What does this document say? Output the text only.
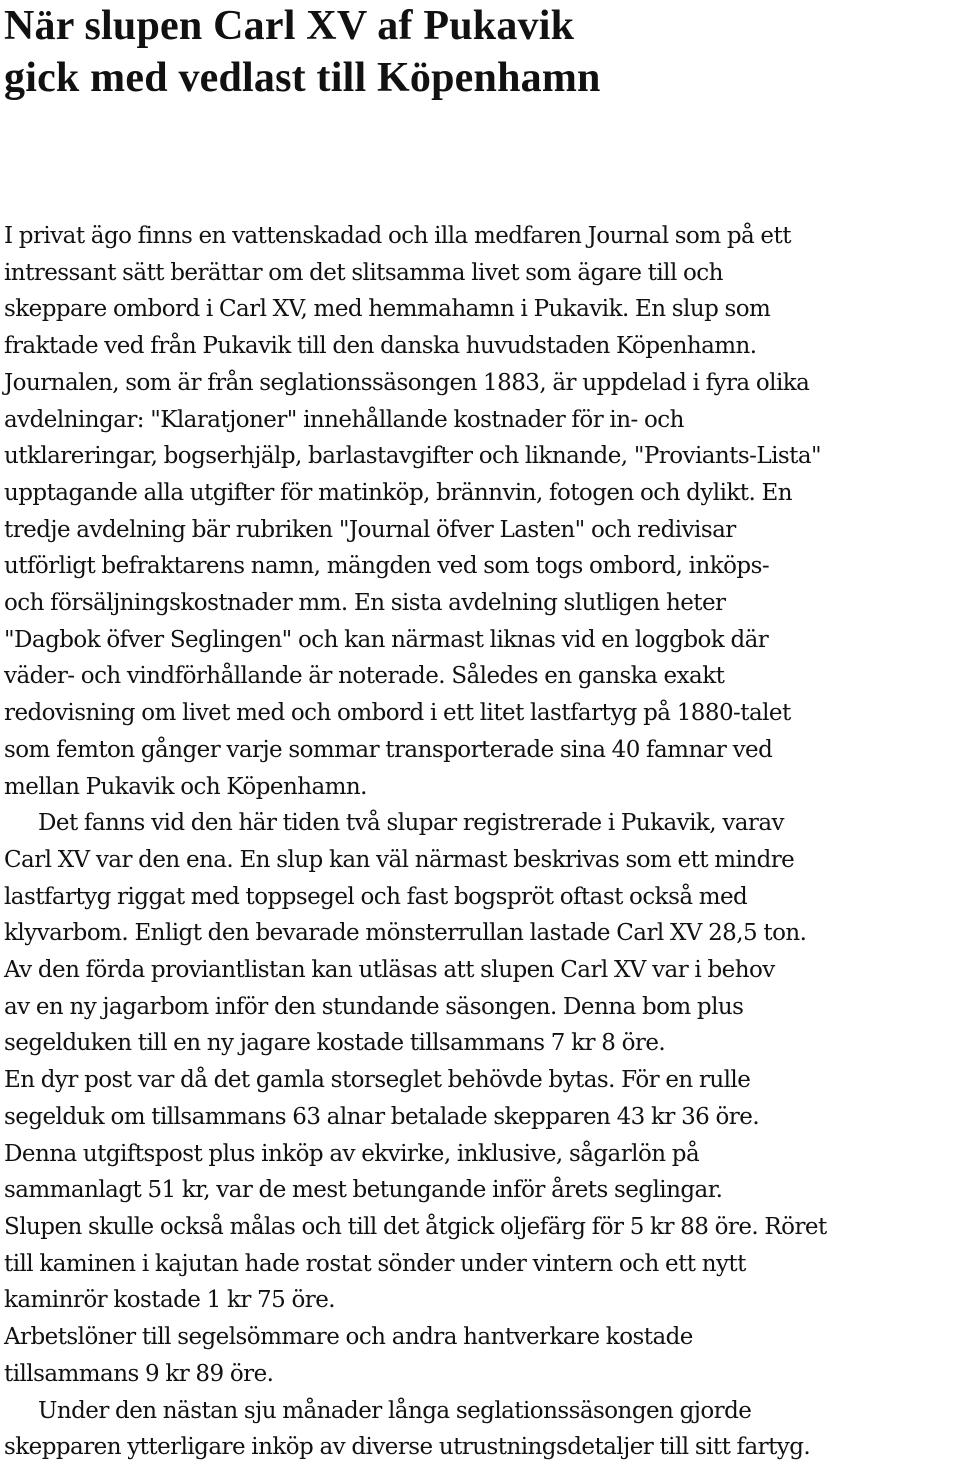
När slupen Carl XV af Pukavik
gick med vedlast till Köpenhamn
I privat ägo finns en vattenskadad och illa medfaren Journal som på ett
intressant sätt berättar om det slitsamma livet som ägare till och
skeppare ombord i Carl XV, med hemmahamn i Pukavik. En slup som
fraktade ved från Pukavik till den danska huvudstaden Köpenhamn.
Journalen, som är från seglationssäsongen 1883, är uppdelad i fyra olika
avdelningar: "Klaratjoner" innehållande kostnader för in- och
utklareringar, bogserhjälp, barlastavgifter och liknande, "Proviants-Lista"
upptagande alla utgifter för matinköp, brännvin, fotogen och dylikt. En
tredje avdelning bär rubriken "Journal öfver Lasten" och redivisar
utförligt befraktarens namn, mängden ved som togs ombord, inköps-
och försäljningskostnader mm. En sista avdelning slutligen heter
"Dagbok öfver Seglingen" och kan närmast liknas vid en loggbok där
väder- och vindförhållande är noterade. Således en ganska exakt
redovisning om livet med och ombord i ett litet lastfartyg på 1880-talet
som femton gånger varje sommar transporterade sina 40 famnar ved
mellan Pukavik och Köpenhamn.
Det fanns vid den här tiden två slupar registrerade i Pukavik, varav
Carl XV var den ena. En slup kan väl närmast beskrivas som ett mindre
lastfartyg riggat med toppsegel och fast bogspröt oftast också med
klyvarbom. Enligt den bevarade mönsterrullan lastade Carl XV 28,5 ton.
Av den förda proviantlistan kan utläsas att slupen Carl XV var i behov
av en ny jagarbom inför den stundande säsongen. Denna bom plus
segelduken till en ny jagare kostade tillsammans 7 kr 8 öre.
En dyr post var då det gamla storseglet behövde bytas. För en rulle
segelduk om tillsammans 63 alnar betalade skepparen 43 kr 36 öre.
Denna utgiftspost plus inköp av ekvirke, inklusive, sågarlön på
sammanlagt 51 kr, var de mest betungande inför årets seglingar.
Slupen skulle också målas och till det åtgick oljefärg för 5 kr 88 öre. Röret
till kaminen i kajutan hade rostat sönder under vintern och ett nytt
kaminrör kostade 1 kr 75 öre.
Arbetslöner till segelsömmare och andra hantverkare kostade
tillsammans 9 kr 89 öre.
Under den nästan sju månader långa seglationssäsongen gjorde
skepparen ytterligare inköp av diverse utrustningsdetaljer till sitt fartyg.
